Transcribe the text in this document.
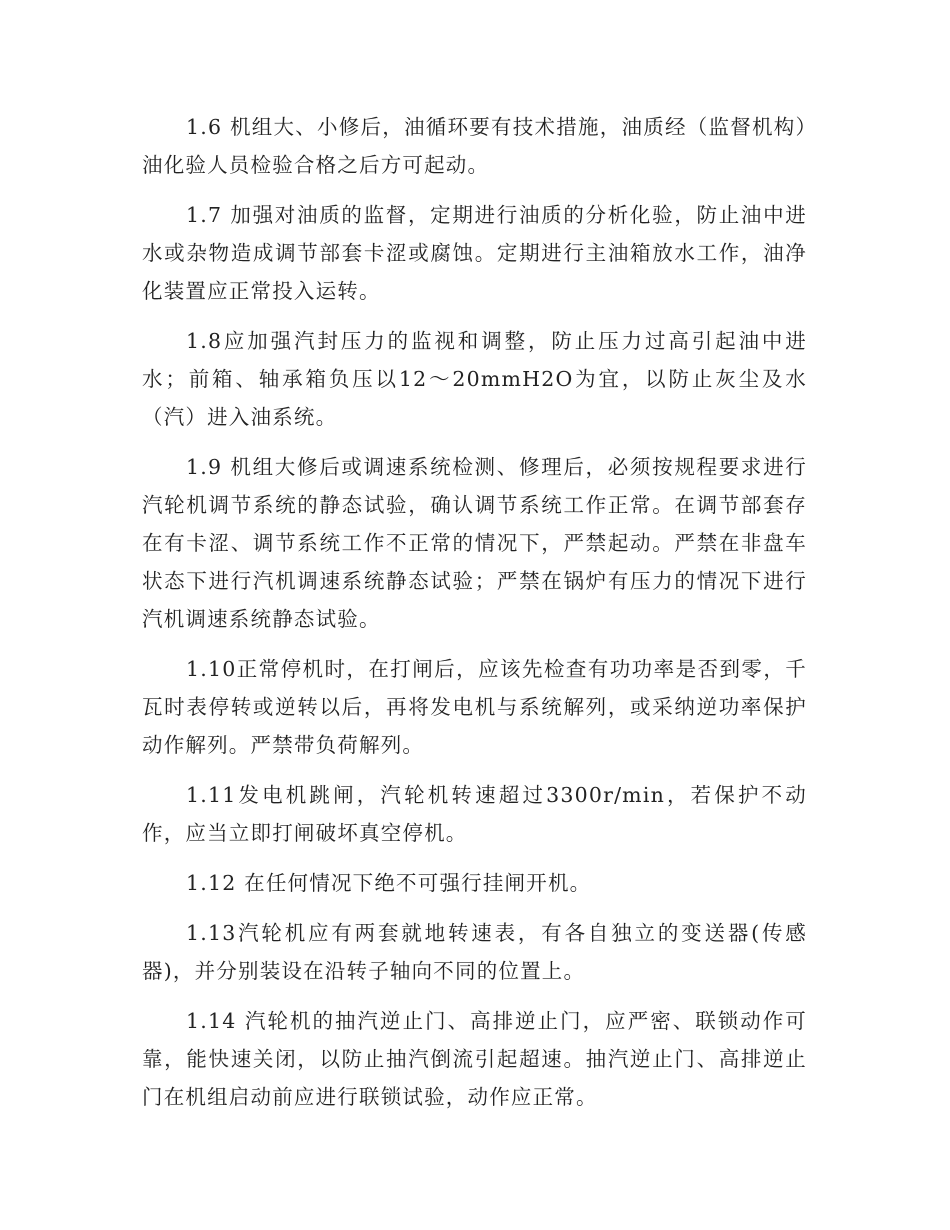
1.6 机组大、小修后，油循环要有技术措施，油质经（监督机构）油化验人员检验合格之后方可起动。

1.7 加强对油质的监督，定期进行油质的分析化验，防止油中进水或杂物造成调节部套卡涩或腐蚀。定期进行主油箱放水工作，油净化装置应正常投入运转。

1.8应加强汽封压力的监视和调整，防止压力过高引起油中进水；前箱、轴承箱负压以12～20mmH2O为宜，以防止灰尘及水（汽）进入油系统。

1.9 机组大修后或调速系统检测、修理后，必须按规程要求进行汽轮机调节系统的静态试验，确认调节系统工作正常。在调节部套存在有卡涩、调节系统工作不正常的情况下，严禁起动。严禁在非盘车状态下进行汽机调速系统静态试验；严禁在锅炉有压力的情况下进行汽机调速系统静态试验。

1.10正常停机时，在打闸后，应该先检查有功功率是否到零，千瓦时表停转或逆转以后，再将发电机与系统解列，或采纳逆功率保护动作解列。严禁带负荷解列。

1.11发电机跳闸，汽轮机转速超过3300r/min，若保护不动作，应当立即打闸破坏真空停机。

1.12 在任何情况下绝不可强行挂闸开机。

1.13汽轮机应有两套就地转速表，有各自独立的变送器(传感器)，并分别装设在沿转子轴向不同的位置上。

1.14 汽轮机的抽汽逆止门、高排逆止门，应严密、联锁动作可靠，能快速关闭，以防止抽汽倒流引起超速。抽汽逆止门、高排逆止门在机组启动前应进行联锁试验，动作应正常。
